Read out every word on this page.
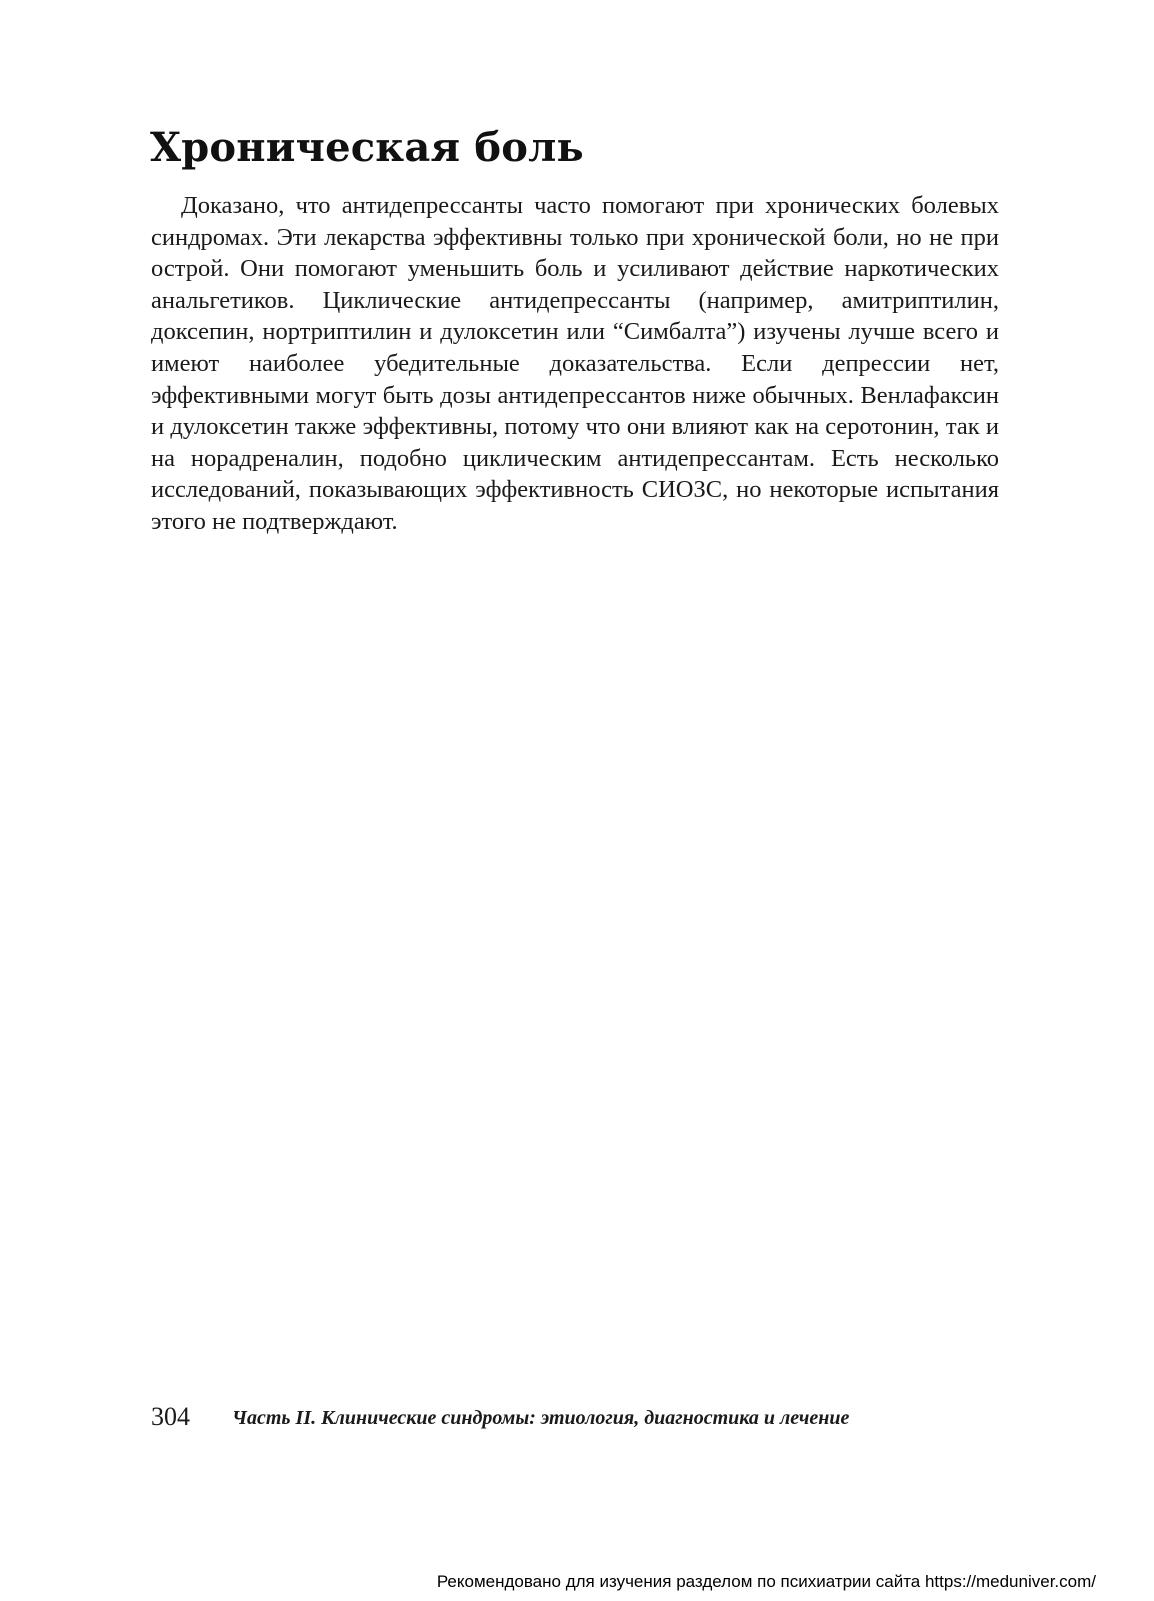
Хроническая боль

Доказано, что антидепрессанты часто помогают при хронических болевых синдромах. Эти лекарства эффективны только при хронической боли, но не при острой. Они помогают уменьшить боль и усиливают действие наркотических анальгетиков. Циклические антидепрессанты (например, амитриптилин, доксепин, нортриптилин и дулоксетин или “Симбалта”) изучены лучше всего и имеют наиболее убедительные доказательства. Если депрессии нет, эффективными могут быть дозы антидепрессантов ниже обычных. Венлафаксин и дулоксетин также эффективны, потому что они влияют как на серотонин, так и на норадреналин, подобно циклическим антидепрессантам. Есть несколько исследований, показывающих эффективность СИОЗС, но некоторые испытания этого не подтверждают.

304 Часть II. Клинические синдромы: этиология, диагностика и лечение
Рекомендовано для изучения разделом по психиатрии сайта https://meduniver.com/
